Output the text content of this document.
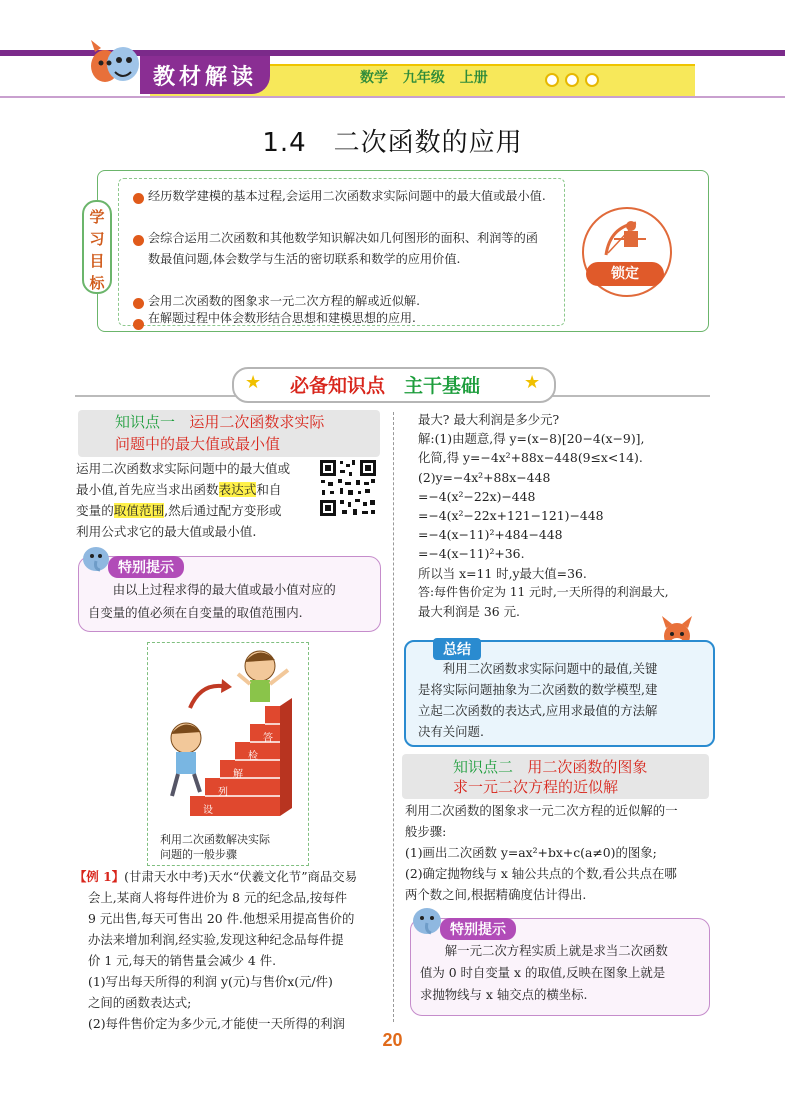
教材解读	数学 九年级 上册
1.4　二次函数的应用
学
习
目
标
经历数学建模的基本过程,会运用二次函数求实际问题中的最大值或最小值.
会综合运用二次函数和其他数学知识解决如几何图形的面积、利润等的函数最值问题,体会数学与生活的密切联系和数学的应用价值.
会用二次函数的图象求一元二次方程的解或近似解.
在解题过程中体会数形结合思想和建模思想的应用.
锁定
★	★
必备知识点 主干基础
知识点一 运用二次函数求实际
问题中的最大值或最小值
运用二次函数求实际问题中的最大值或
最小值,首先应当求出函数表达式和自
变量的取值范围,然后通过配方变形或
利用公式求它的最大值或最小值.
特别提示
由以上过程求得的最大值或最小值对应的
自变量的值必须在自变量的取值范围内.
答
检
解
列
设
审
利用二次函数解决实际
问题的一般步骤
【例 1】(甘肃天水中考)天水“伏羲文化节”商品交易
会上,某商人将每件进价为 8 元的纪念品,按每件
9 元出售,每天可售出 20 件.他想采用提高售价的
办法来增加利润,经实验,发现这种纪念品每件提
价 1 元,每天的销售量会减少 4 件.
(1)写出每天所得的利润 y(元)与售价x(元/件)
之间的函数表达式;
(2)每件售价定为多少元,才能使一天所得的利润
最大? 最大利润是多少元?
解:(1)由题意,得 y=(x−8)[20−4(x−9)],
化简,得 y=−4x²+88x−448(9≤x<14).
(2)y=−4x²+88x−448
=−4(x²−22x)−448
=−4(x²−22x+121−121)−448
=−4(x−11)²+484−448
=−4(x−11)²+36.
所以当 x=11 时,y最大值=36.
答:每件售价定为 11 元时,一天所得的利润最大,
最大利润是 36 元.
总结
利用二次函数求实际问题中的最值,关键
是将实际问题抽象为二次函数的数学模型,建
立起二次函数的表达式,应用求最值的方法解
决有关问题.
知识点二 用二次函数的图象
求一元二次方程的近似解
利用二次函数的图象求一元二次方程的近似解的一
般步骤:
(1)画出二次函数 y=ax²+bx+c(a≠0)的图象;
(2)确定抛物线与 x 轴公共点的个数,看公共点在哪
两个数之间,根据精确度估计得出.
特别提示
解一元二次方程实质上就是求当二次函数
值为 0 时自变量 x 的取值,反映在图象上就是
求抛物线与 x 轴交点的横坐标.
20
